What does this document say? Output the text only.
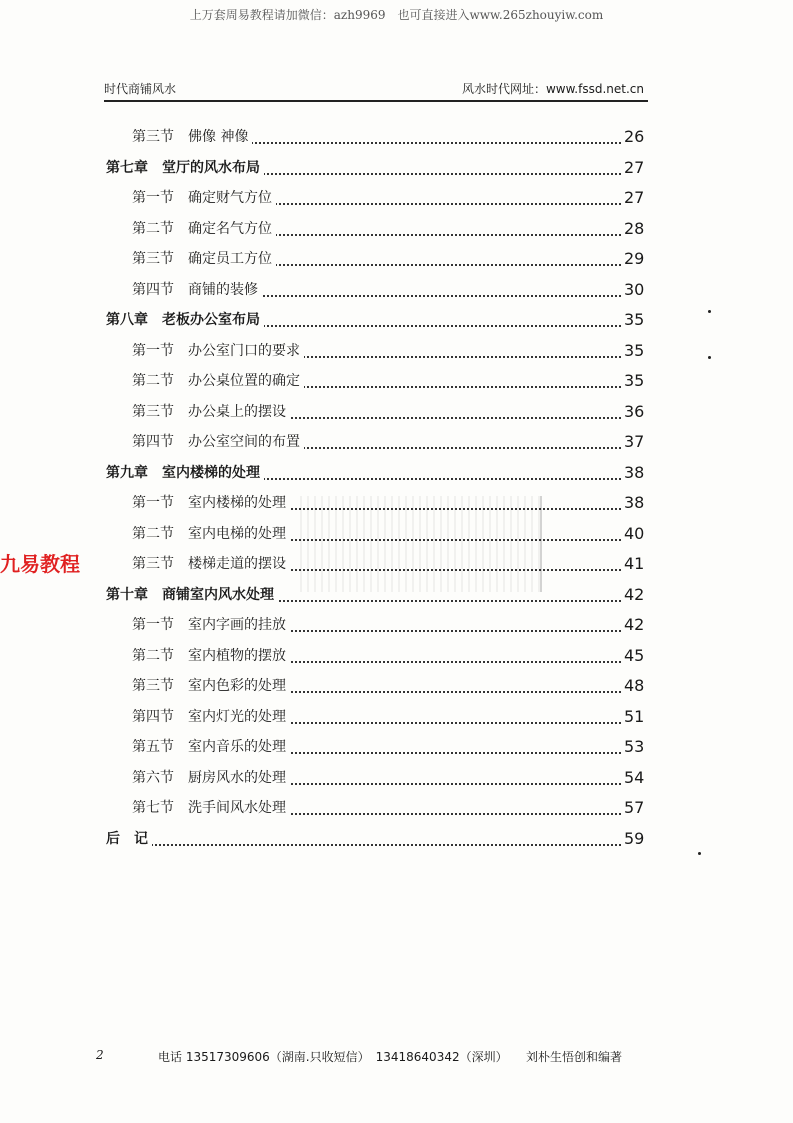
上万套周易教程请加微信：azh9969　也可直接进入www.265zhouyiw.com
时代商铺风水	风水时代网址：www.fssd.net.cn
第三节　佛像 神像	26
第七章　堂厅的风水布局	27
第一节　确定财气方位	27
第二节　确定名气方位	28
第三节　确定员工方位	29
第四节　商铺的装修	30
第八章　老板办公室布局	35
第一节　办公室门口的要求	35
第二节　办公桌位置的确定	35
第三节　办公桌上的摆设	36
第四节　办公室空间的布置	37
第九章　室内楼梯的处理	38
第一节　室内楼梯的处理	38
第二节　室内电梯的处理	40
第三节　楼梯走道的摆设	41
第十章　商铺室内风水处理	42
第一节　室内字画的挂放	42
第二节　室内植物的摆放	45
第三节　室内色彩的处理	48
第四节　室内灯光的处理	51
第五节　室内音乐的处理	53
第六节　厨房风水的处理	54
第七节　洗手间风水处理	57
后　记	59
九易教程
2	电话 13517309606（湖南.只收短信）　13418640342（深圳） 刘朴生悟创和编著
